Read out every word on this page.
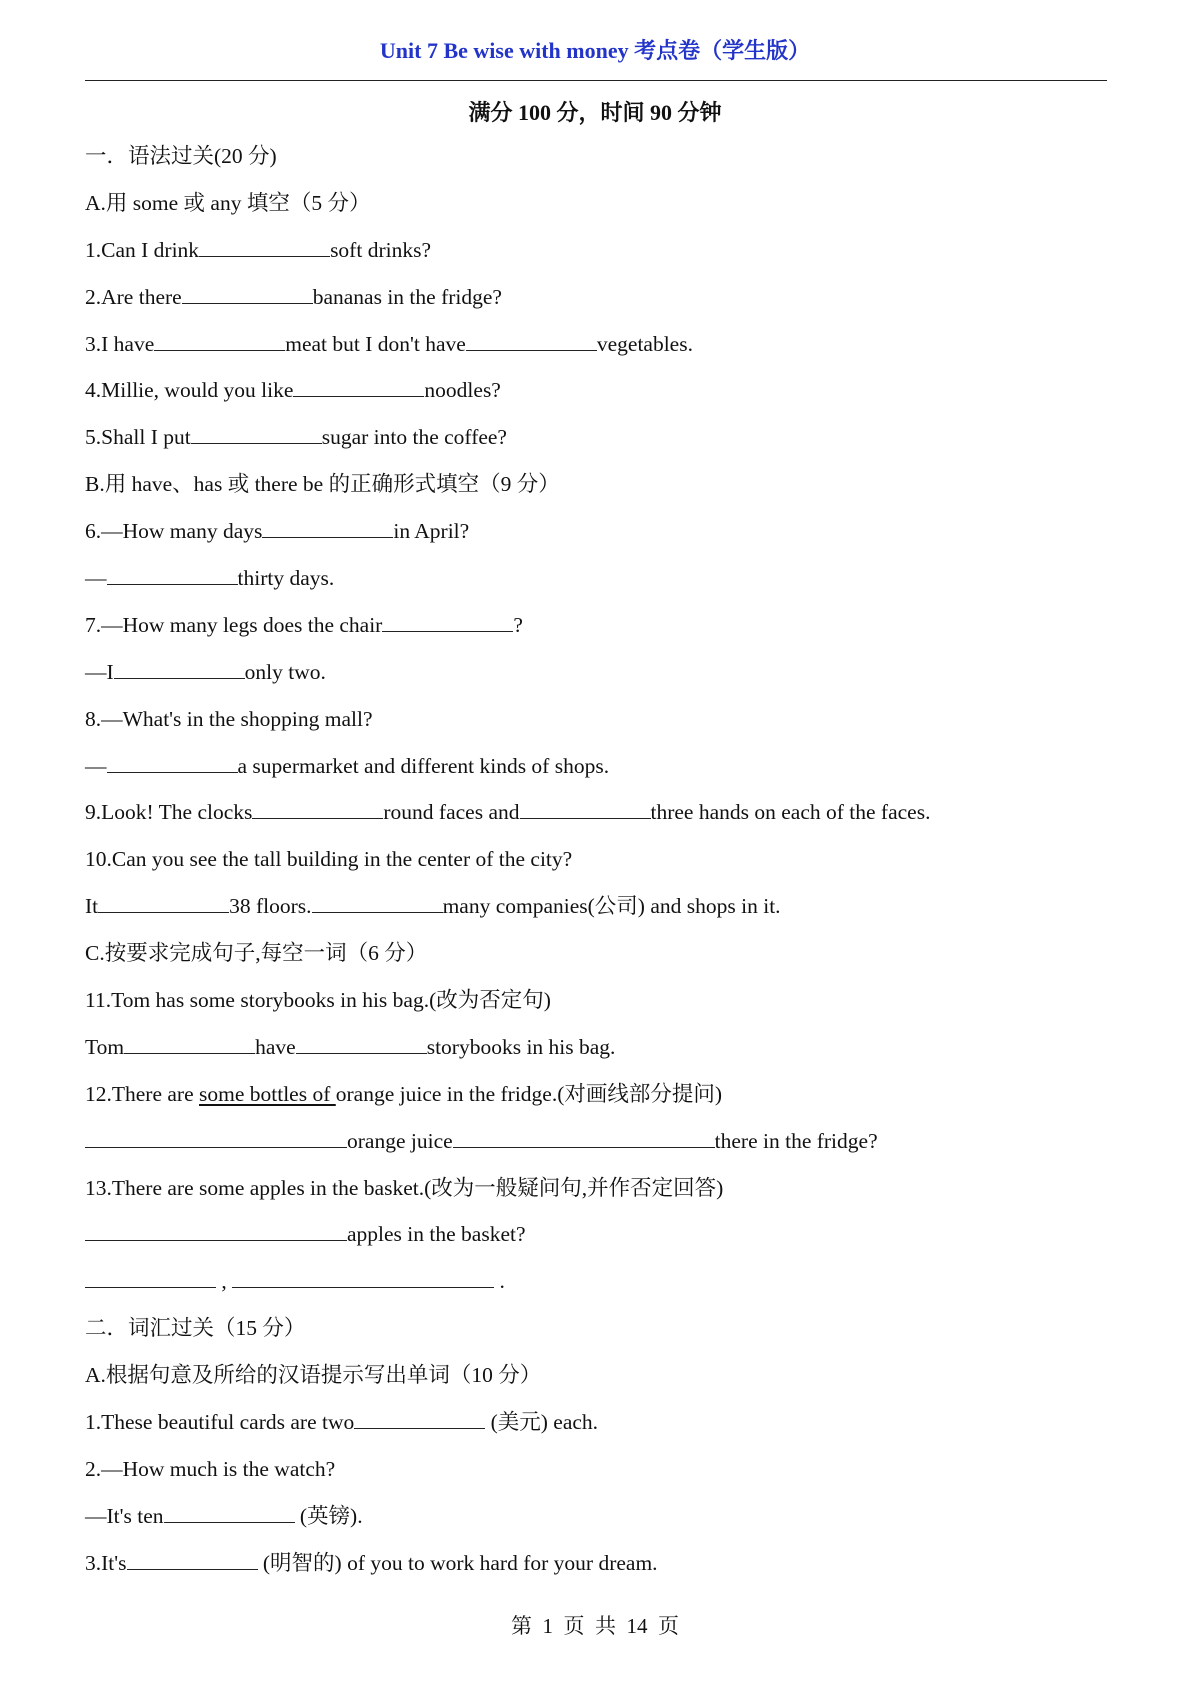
Unit 7 Be wise with money 考点卷（学生版）
满分 100 分，时间 90 分钟
一．语法过关(20 分)
A.用 some 或 any 填空（5 分）
1.Can I drink	soft drinks?
2.Are there	bananas in the fridge?
3.I have	meat but I don't have	vegetables.
4.Millie, would you like	noodles?
5.Shall I put	sugar into the coffee?
B.用 have、has 或 there be 的正确形式填空（9 分）
6.—How many days	in April?
—	thirty days.
7.—How many legs does the chair	?
—I	only two.
8.—What's in the shopping mall?
—	a supermarket and different kinds of shops.
9.Look! The clocks	round faces and	three hands on each of the faces.
10.Can you see the tall building in the center of the city?
It	38 floors.	many companies(公司) and shops in it.
C.按要求完成句子,每空一词（6 分）
11.Tom has some storybooks in his bag.(改为否定句)
Tom	have	storybooks in his bag.
12.There are some bottles of orange juice in the fridge.(对画线部分提问)
orange juice	there in the fridge?
13.There are some apples in the basket.(改为一般疑问句,并作否定回答)
apples in the basket?
,	.
二．词汇过关（15 分）
A.根据句意及所给的汉语提示写出单词（10 分）
1.These beautiful cards are two	(美元) each.
2.—How much is the watch?
—It's ten	(英镑).
3.It's	(明智的) of you to work hard for your dream.
第  1  页  共  14  页
